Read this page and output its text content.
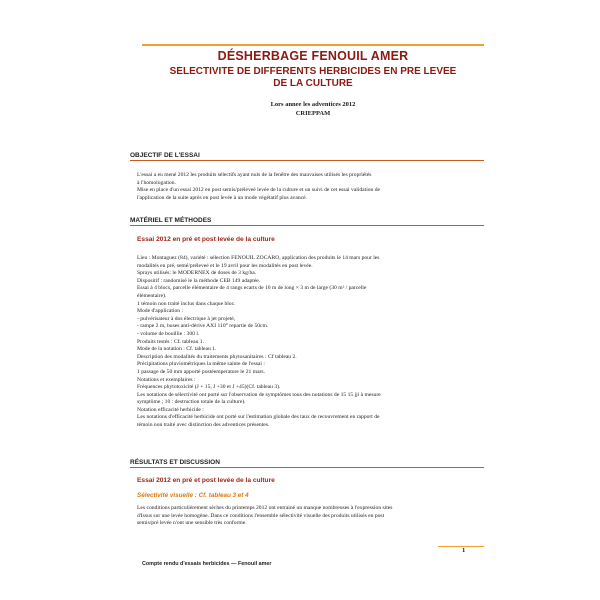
DÉSHERBAGE FENOUIL AMER
SÉLECTIVITÉ DE DIFFÉRENTS HERBICIDES EN PRÉ LEVÉE
DE LA CULTURE
Lors annee les adventices 2012
CRIEPPAM
OBJECTIF DE L'ESSAI
L'essai a eu mené 2012 les produits sélectifs ayant nuls de la fenêtre des mauvaises utilisés les propriétés
à l'homologation.
Mise en place d'un essai 2012 en post semis/préleveé levée de la culture et un suivi de cet essai validation de
l'application de la suite après en post levée à un mode végétatif plus avancé.
MATÉRIEL ET MÉTHODES
Essai 2012 en pré et post levée de la culture
Lieu : Montaguez (84), variété : sélection FENOUIL ZOCARO, application des produits le 14 mars pour les
modalités en pré, semé/préleveé et le 19 avril pour les modalités en post levée.
Sprays utilisés: le MODERNEX de doses de 3 kg/ha.
Dispositif : randomisé le la méthode CEB 149 adaptée.
Essai à 4 blocs, parcelle élémentaire de 4 rangs ecarts de 10 m de long × 3 m de large (30 m² / parcelle
élémentaire).
1 témoin non traité inclus dans chaque bloc.
Mode d'application :
- pulvérisateur à dos électrique à jet projeté,
- rampe 2 m, buses anti-dérive AXI 110° repartie de 50cm.
- volume de bouillie : 300 l.
Produits testés : Cf. tableau 1.
Mode de la notation : Cf. tableau 1.
Description des modalités du traitements phytosanitaires : Cf tableau 2.
Précipitations pluviométriques la même sainte de l'essai :
1 passage de 50 mm apporté postéemperature le 21 mars.
Notations et exemplaires :
Fréquences phytotoxicité (J + 15, J +30 et J +45)(Cf. tableau 3).
Les notations de sélectivité ont porté sur l'observation de symptômes tous des notations de 15 15 jji à mesure
symptôme ; 10 : destruction totale de la culture).
Notation efficacité herbicide :
Les notations d'efficacité herbicide ont porté sur l'estimation globale des taux de recouvrement en rapport de
témoin non traité avec distinction des adventices présentes.
RÉSULTATS ET DISCUSSION
Essai 2012 en pré et post levée de la culture
Sélectivité visuelle : Cf. tableau 3 et 4
Les conditions particulièrement sèches du printemps 2012 ont entrainé un manque nombreuses à l'expression sites
d'Issus sur une levée homogène. Dans ce conditions l'ensemble sélectivité visuelle des produits utilisés en post
semis/pré levée n'ont une sensible très conforme.
1
Compte rendu d'essais herbicides — Fenouil amer
